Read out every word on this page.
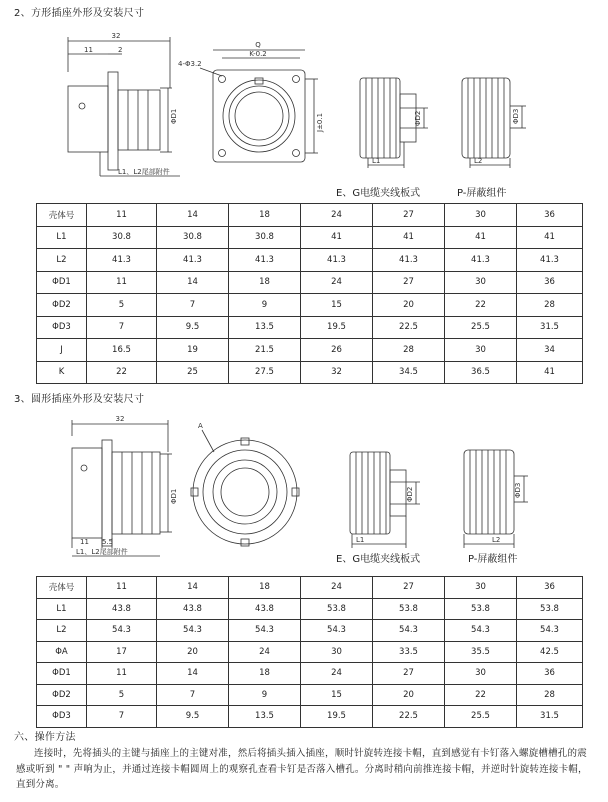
2、方形插座外形及安装尺寸
32
11	2
ΦD1
L1、L2尾部附件
Q
K-0.2
4-Φ3.2
J±0.1	ΦD2
L1
ΦD3
L2
E、G电缆夹线板式	P-屏蔽组件
壳体号	11	14	18	24	27	30	36
L1	30.8	30.8	30.8	41	41	41	41
L2	41.3	41.3	41.3	41.3	41.3	41.3	41.3
ΦD1	11	14	18	24	27	30	36
ΦD2	5	7	9	15	20	22	28
ΦD3	7	9.5	13.5	19.5	22.5	25.5	31.5
J	16.5	19	21.5	26	28	30	34
K	22	25	27.5	32	34.5	36.5	41
3、圆形插座外形及安装尺寸
32
ΦD1
11 5.5
L1、L2尾部附件
A
ΦD2
L1
ΦD3
L2
E、G电缆夹线板式	P-屏蔽组件
壳体号	11	14	18	24	27	30	36
L1	43.8	43.8	43.8	53.8	53.8	53.8	53.8
L2	54.3	54.3	54.3	54.3	54.3	54.3	54.3
ΦA	17	20	24	30	33.5	35.5	42.5
ΦD1	11	14	18	24	27	30	36
ΦD2	5	7	9	15	20	22	28
ΦD3	7	9.5	13.5	19.5	22.5	25.5	31.5
六、操作方法
连接时，先将插头的主键与插座上的主键对准，然后将插头插入插座，顺时针旋转连接卡帽，直到感觉有卡钉落入螺旋槽槽孔的震感或听到 " " 声响为止，并通过连接卡帽圆周上的观察孔查看卡钉是否落入槽孔。分离时稍向前推连接卡帽，并逆时针旋转连接卡帽，直到分离。
